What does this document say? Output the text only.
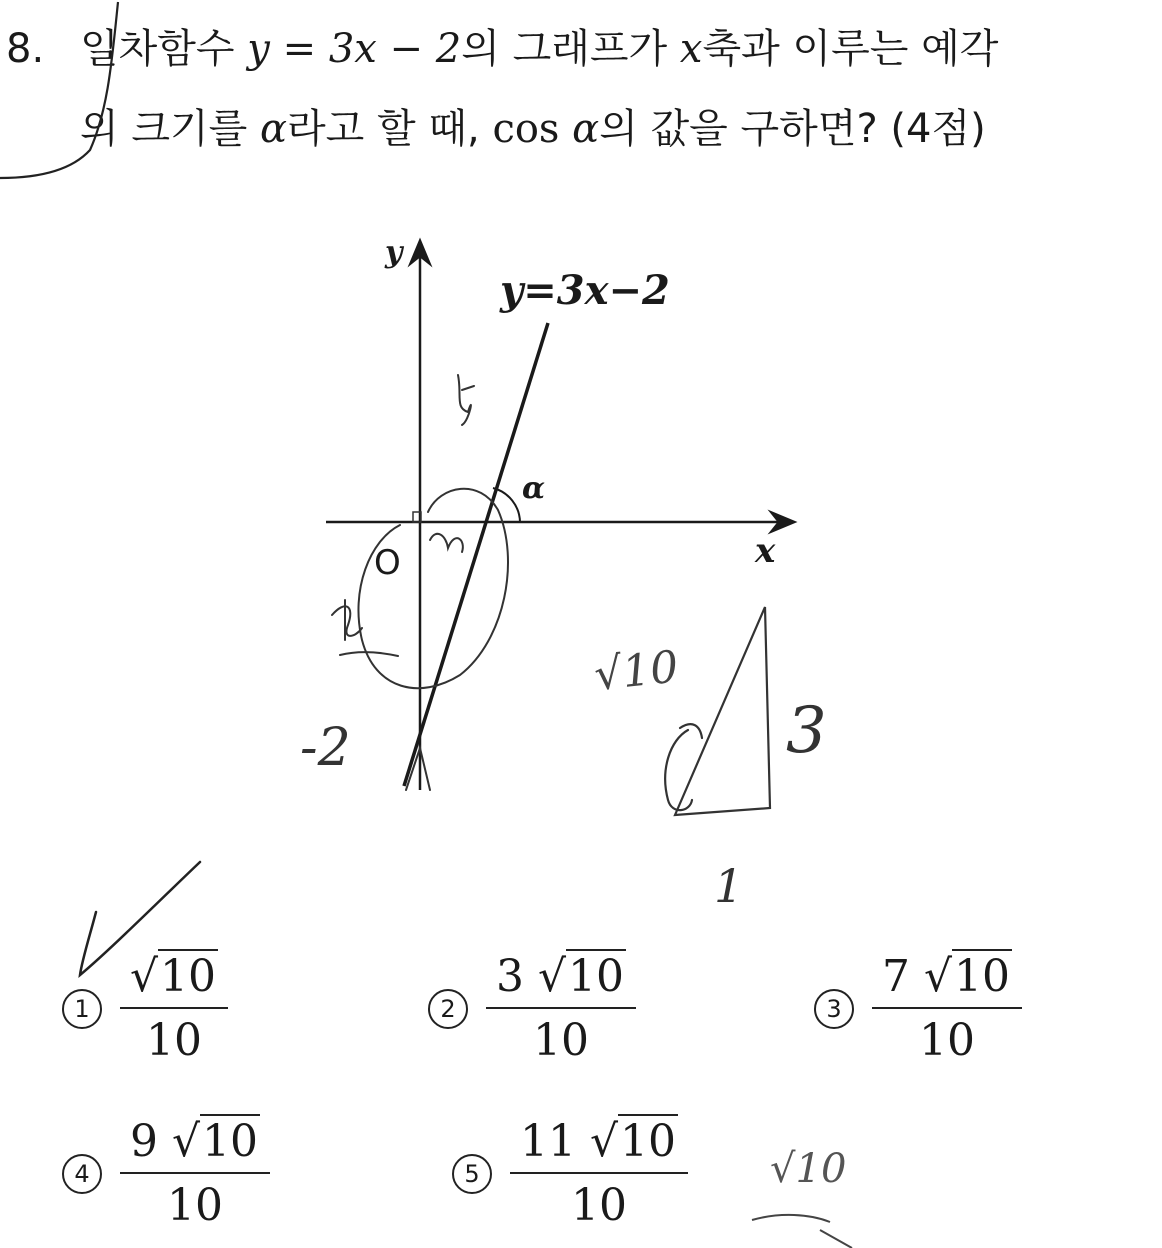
8. 일차함수 y = 3x − 2의 그래프가 x축과 이루는 예각
의 크기를 α라고 할 때, cos α의 값을 구하면? (4점)
y
x
O
y=3x−2
α
-2
√10
3
1
√10
$1 \frac{√10}{10}$	$2 \frac{3 √10}{10}$	$3 \frac{7 √10}{10}$
$4 \frac{9 √10}{10}$	$5 \frac{11 √10}{10}$
